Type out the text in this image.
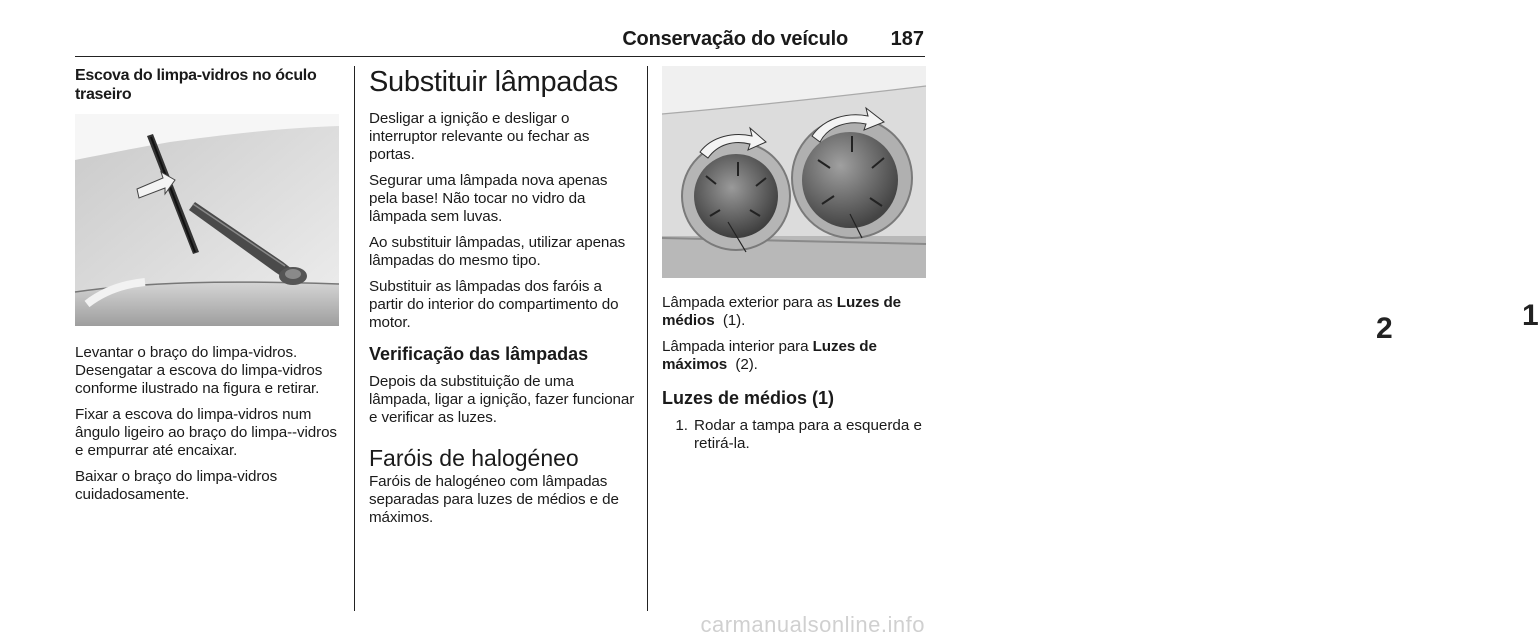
Conservação do veículo	187
Escova do limpa-vidros no óculo traseiro

Levantar o braço do limpa-vidros. Desengatar a escova do limpa-vidros conforme ilustrado na figura e retirar.

Fixar a escova do limpa-vidros num ângulo ligeiro ao braço do limpa--vidros e empurrar até encaixar.

Baixar o braço do limpa-vidros cuidadosamente.

Substituir lâmpadas

Desligar a ignição e desligar o interruptor relevante ou fechar as portas.

Segurar uma lâmpada nova apenas pela base! Não tocar no vidro da lâmpada sem luvas.

Ao substituir lâmpadas, utilizar apenas lâmpadas do mesmo tipo.

Substituir as lâmpadas dos faróis a partir do interior do compartimento do motor.

Verificação das lâmpadas

Depois da substituição de uma lâmpada, ligar a ignição, fazer funcionar e verificar as luzes.

Faróis de halogéneo

Faróis de halogéneo com lâmpadas separadas para luzes de médios e de máximos.

2	1

Lâmpada exterior para as Luzes de médios (1).

Lâmpada interior para Luzes de máximos (2).

Luzes de médios (1)
1. Rodar a tampa para a esquerda e retirá-la.
carmanualsonline.info
